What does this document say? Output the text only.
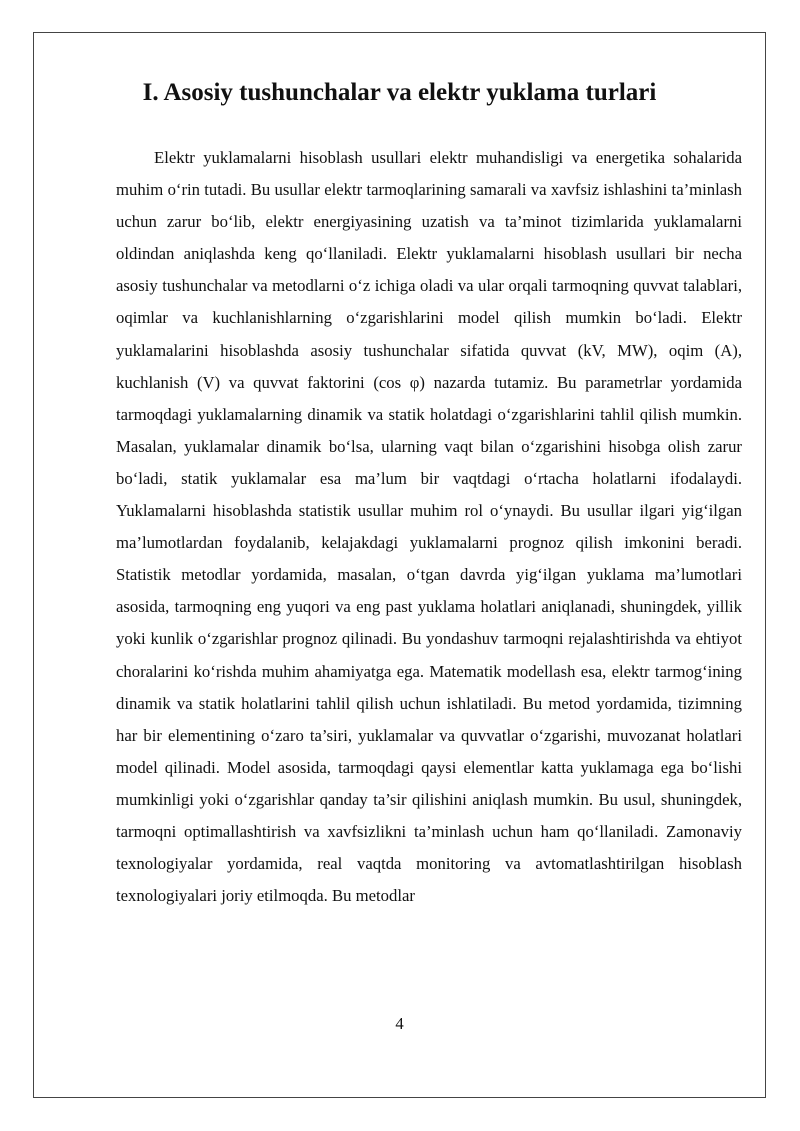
I. Asosiy tushunchalar va elektr yuklama turlari

Elektr yuklamalarni hisoblash usullari elektr muhandisligi va energetika sohalarida muhim o‘rin tutadi. Bu usullar elektr tarmoqlarining samarali va xavfsiz ishlashini ta’minlash uchun zarur bo‘lib, elektr energiyasining uzatish va ta’minot tizimlarida yuklamalarni oldindan aniqlashda keng qo‘llaniladi. Elektr yuklamalarni hisoblash usullari bir necha asosiy tushunchalar va metodlarni o‘z ichiga oladi va ular orqali tarmoqning quvvat talablari, oqimlar va kuchlanishlarning o‘zgarishlarini model qilish mumkin bo‘ladi. Elektr yuklamalarini hisoblashda asosiy tushunchalar sifatida quvvat (kV, MW), oqim (A), kuchlanish (V) va quvvat faktorini (cos φ) nazarda tutamiz. Bu parametrlar yordamida tarmoqdagi yuklamalarning dinamik va statik holatdagi o‘zgarishlarini tahlil qilish mumkin. Masalan, yuklamalar dinamik bo‘lsa, ularning vaqt bilan o‘zgarishini hisobga olish zarur bo‘ladi, statik yuklamalar esa ma’lum bir vaqtdagi o‘rtacha holatlarni ifodalaydi. Yuklamalarni hisoblashda statistik usullar muhim rol o‘ynaydi. Bu usullar ilgari yig‘ilgan ma’lumotlardan foydalanib, kelajakdagi yuklamalarni prognoz qilish imkonini beradi. Statistik metodlar yordamida, masalan, o‘tgan davrda yig‘ilgan yuklama ma’lumotlari asosida, tarmoqning eng yuqori va eng past yuklama holatlari aniqlanadi, shuningdek, yillik yoki kunlik o‘zgarishlar prognoz qilinadi. Bu yondashuv tarmoqni rejalashtirishda va ehtiyot choralarini ko‘rishda muhim ahamiyatga ega. Matematik modellash esa, elektr tarmog‘ining dinamik va statik holatlarini tahlil qilish uchun ishlatiladi. Bu metod yordamida, tizimning har bir elementining o‘zaro ta’siri, yuklamalar va quvvatlar o‘zgarishi, muvozanat holatlari model qilinadi. Model asosida, tarmoqdagi qaysi elementlar katta yuklamaga ega bo‘lishi mumkinligi yoki o‘zgarishlar qanday ta’sir qilishini aniqlash mumkin. Bu usul, shuningdek, tarmoqni optimallashtirish va xavfsizlikni ta’minlash uchun ham qo‘llaniladi. Zamonaviy texnologiyalar yordamida, real vaqtda monitoring va avtomatlashtirilgan hisoblash texnologiyalari joriy etilmoqda. Bu metodlar

4
